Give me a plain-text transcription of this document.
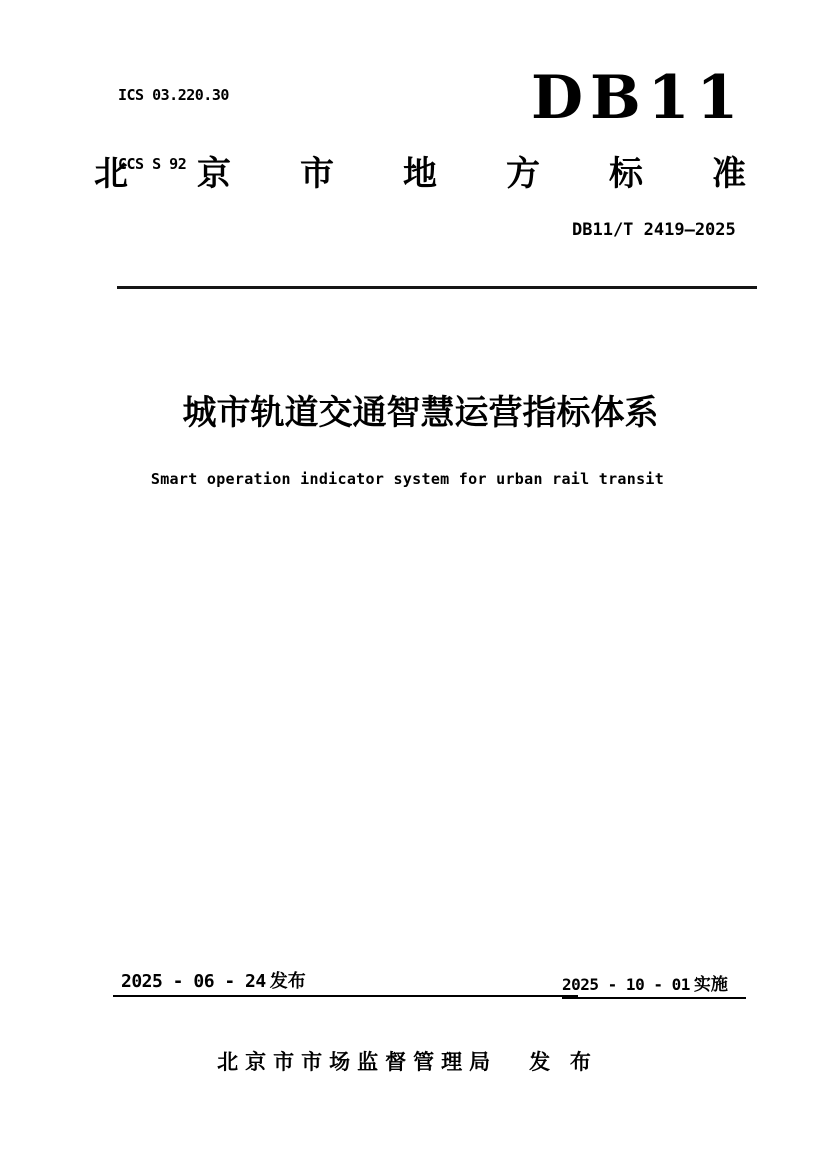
ICS 03.220.30

CCS S 92

DB11
北 京 市 地 方 标 准
DB11/T 2419—2025
城市轨道交通智慧运营指标体系
Smart operation indicator system for urban rail transit
2025 - 06 - 24 发布	2025 - 10 - 01 实施
北京市市场监督管理局 发 布
